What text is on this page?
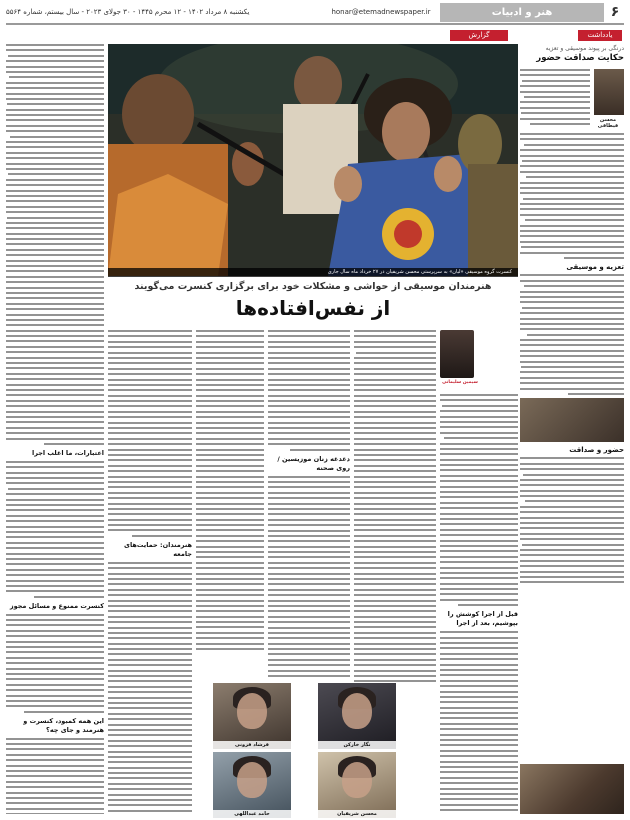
یکشنبه ۸ مرداد ۱۴۰۲ - ۱۲ محرم ۱۴۴۵ - ۳۰ جولای ۲۰۲۳ - سال بیستم، شماره ۵۵۶۴	honar@etemadnewspaper.ir	هنر و ادبیات	۶
یادداشت
گزارش
درنگی بر پیوند موسیقی و تعزیه
حکایت صداقت حضور
محسن قیطاقی
تعزیه و موسیقی
حضور و صداقت
کنسرت گروه موسیقی «لیان» به سرپرستی محسن شریفیان در ۲۷ خرداد ماه سال جاری
هنرمندان موسیقی از حواشی و مشکلات خود برای برگزاری کنسرت می‌گویند
از نفس‌افتاده‌ها
اعتبارات، ما اغلب اجرا
کنسرت ممنوع و مسائل مجوز
این همه کمبود، کنسرت و هنرمند و جای چه؟
سیمین سلیمانی
قبل از اجرا کوشش را بپوشیم، بعد از اجرا
دغدغه زنان موزیسین / روی صحنه
هنرمندان: حمایت‌های جامعه
نگار خارکن
فرشاد فزونی
محسن شریفیان
حامد عبداللهی
